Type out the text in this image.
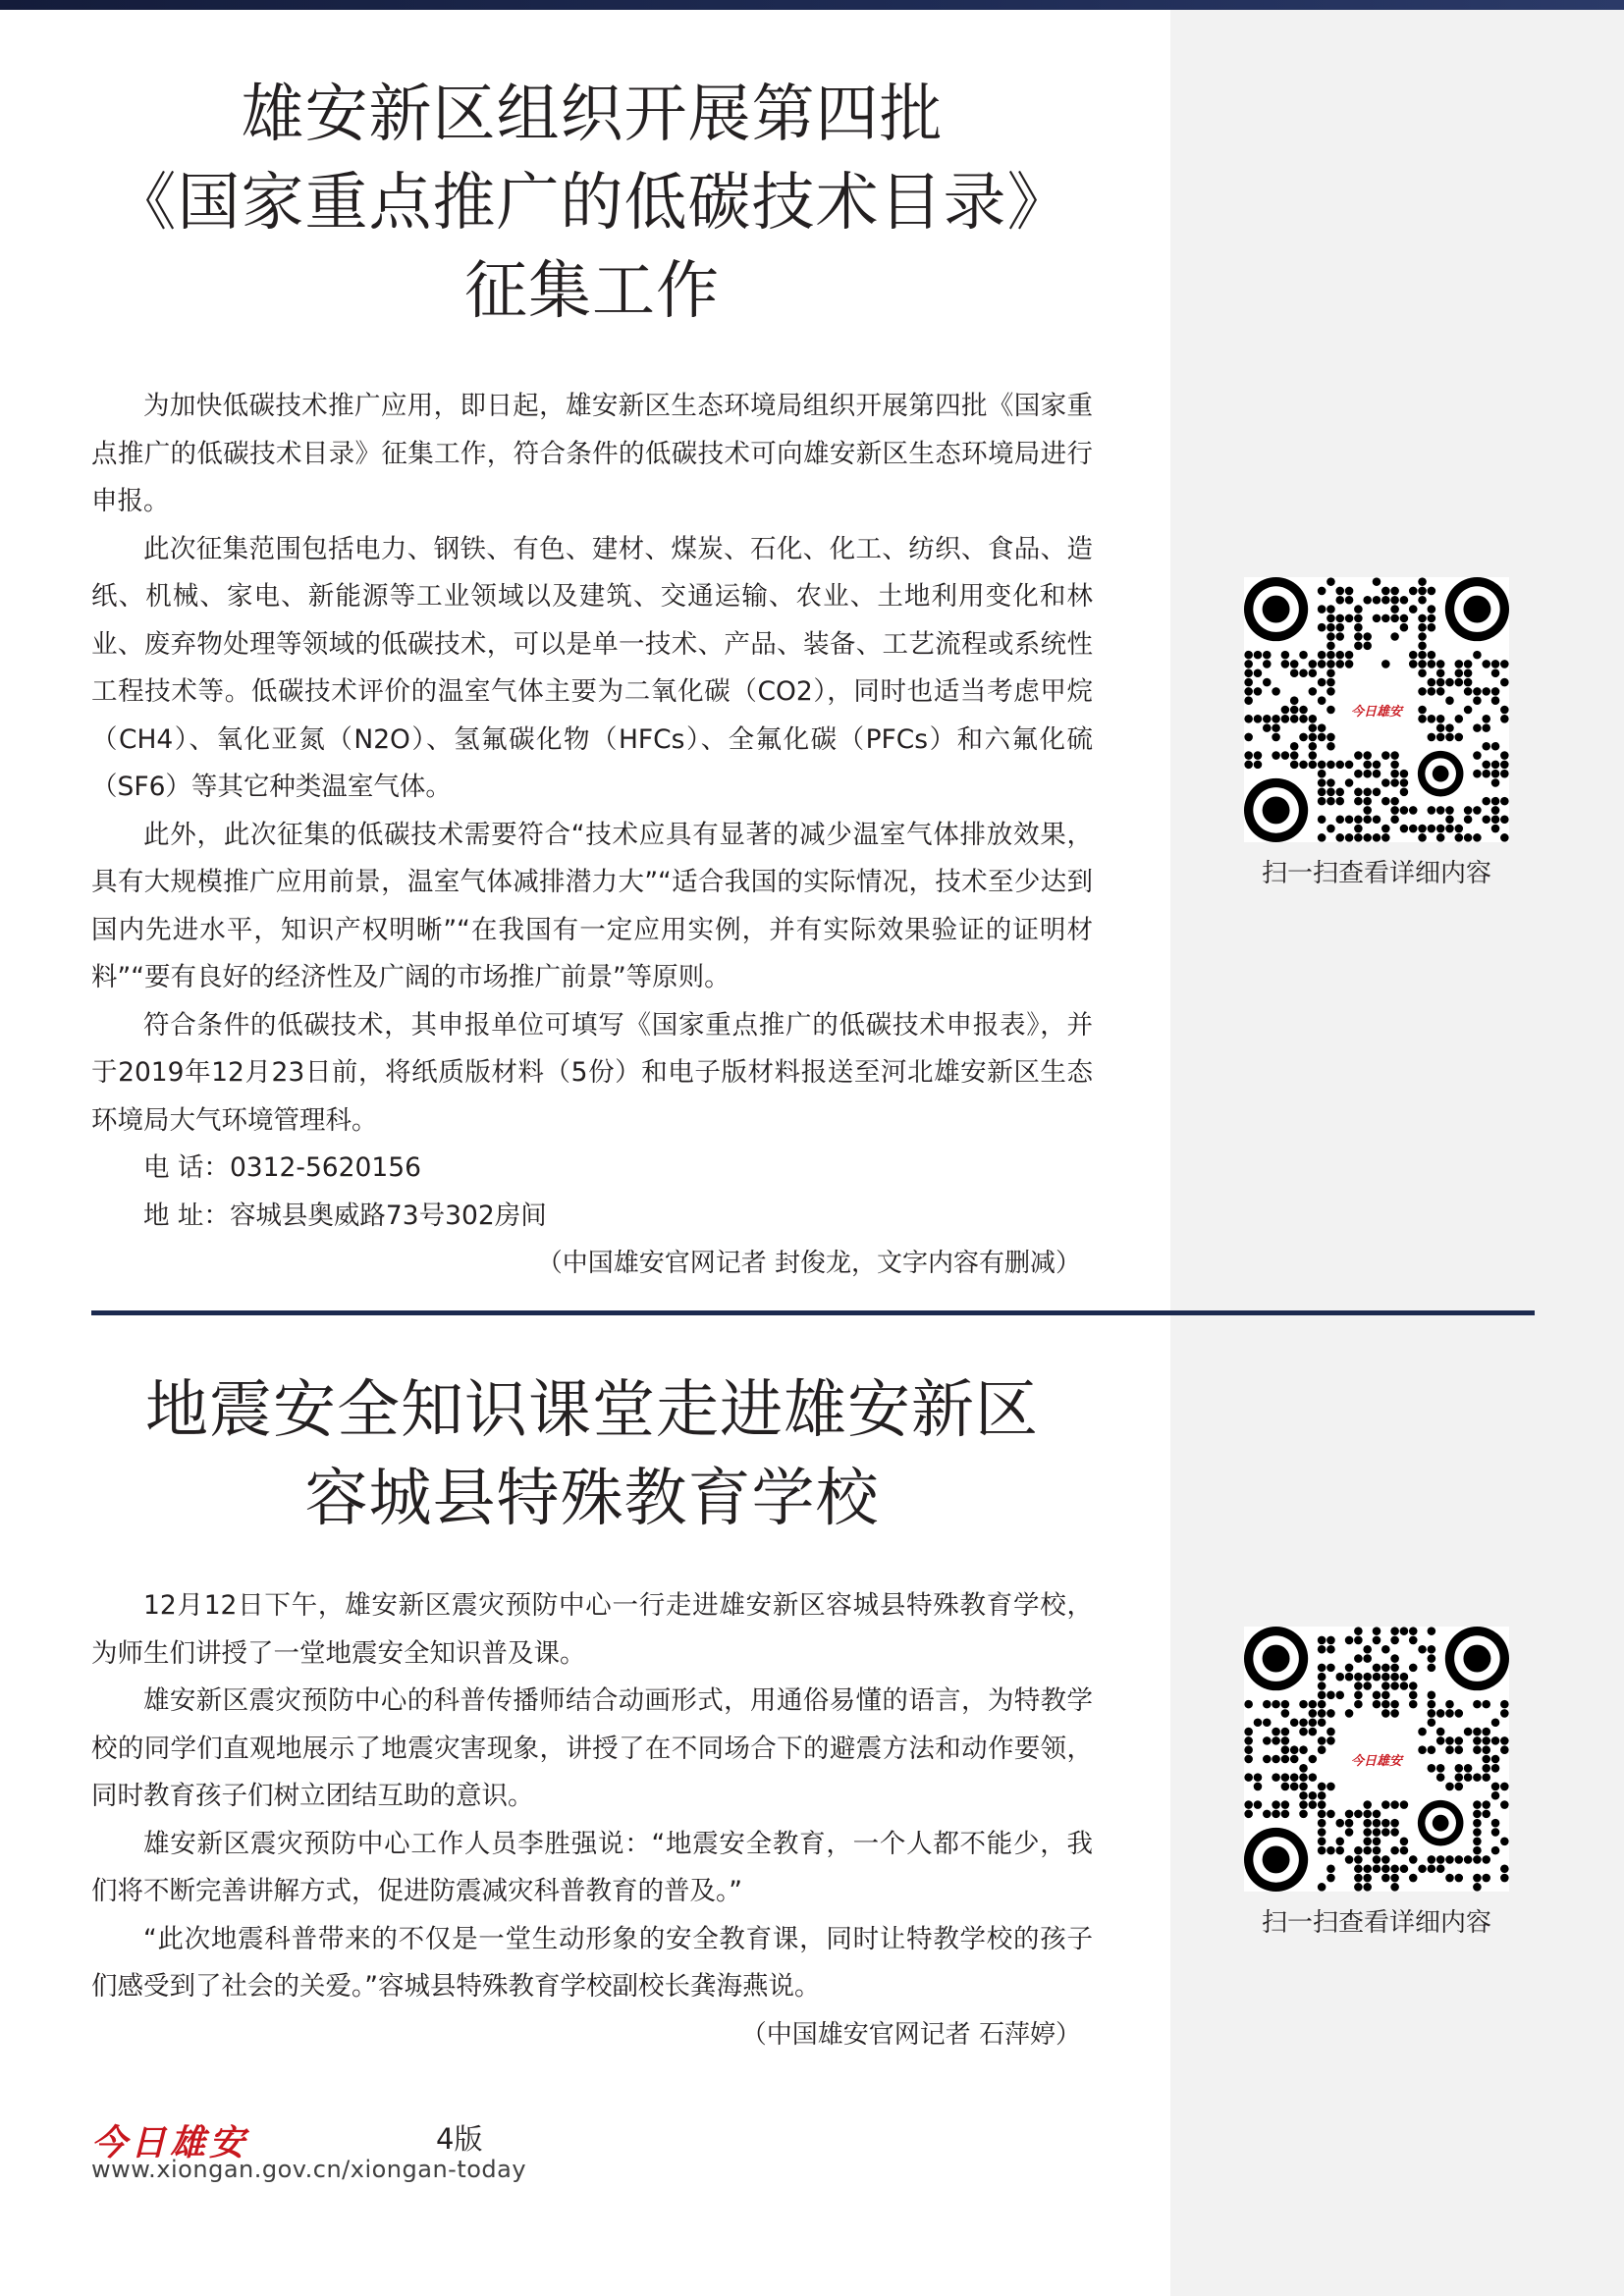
雄安新区组织开展第四批
《国家重点推广的低碳技术目录》
征集工作

为加快低碳技术推广应用，即日起，雄安新区生态环境局组织开展第四批《国家重点推广的低碳技术目录》征集工作，符合条件的低碳技术可向雄安新区生态环境局进行申报。

此次征集范围包括电力、钢铁、有色、建材、煤炭、石化、化工、纺织、食品、造纸、机械、家电、新能源等工业领域以及建筑、交通运输、农业、土地利用变化和林业、废弃物处理等领域的低碳技术，可以是单一技术、产品、装备、工艺流程或系统性工程技术等。低碳技术评价的温室气体主要为二氧化碳（CO2），同时也适当考虑甲烷（CH4）、氧化亚氮（N2O）、氢氟碳化物（HFCs）、全氟化碳（PFCs）和六氟化硫（SF6）等其它种类温室气体。

此外，此次征集的低碳技术需要符合“技术应具有显著的减少温室气体排放效果，具有大规模推广应用前景，温室气体减排潜力大”“适合我国的实际情况，技术至少达到国内先进水平，知识产权明晰”“在我国有一定应用实例，并有实际效果验证的证明材料”“要有良好的经济性及广阔的市场推广前景”等原则。

符合条件的低碳技术，其申报单位可填写《国家重点推广的低碳技术申报表》，并于2019年12月23日前，将纸质版材料（5份）和电子版材料报送至河北雄安新区生态环境局大气环境管理科。

电 话：0312-5620156
地 址：容城县奥威路73号302房间
（中国雄安官网记者 封俊龙，文字内容有删减）
地震安全知识课堂走进雄安新区
容城县特殊教育学校

12月12日下午，雄安新区震灾预防中心一行走进雄安新区容城县特殊教育学校，为师生们讲授了一堂地震安全知识普及课。

雄安新区震灾预防中心的科普传播师结合动画形式，用通俗易懂的语言，为特教学校的同学们直观地展示了地震灾害现象，讲授了在不同场合下的避震方法和动作要领，同时教育孩子们树立团结互助的意识。

雄安新区震灾预防中心工作人员李胜强说：“地震安全教育，一个人都不能少，我们将不断完善讲解方式，促进防震减灾科普教育的普及。”

“此次地震科普带来的不仅是一堂生动形象的安全教育课，同时让特教学校的孩子们感受到了社会的关爱。”容城县特殊教育学校副校长龚海燕说。

（中国雄安官网记者 石萍婷）
今日雄安
扫一扫查看详细内容
今日雄安
扫一扫查看详细内容
今日雄安	4版
www.xiongan.gov.cn/xiongan-today
